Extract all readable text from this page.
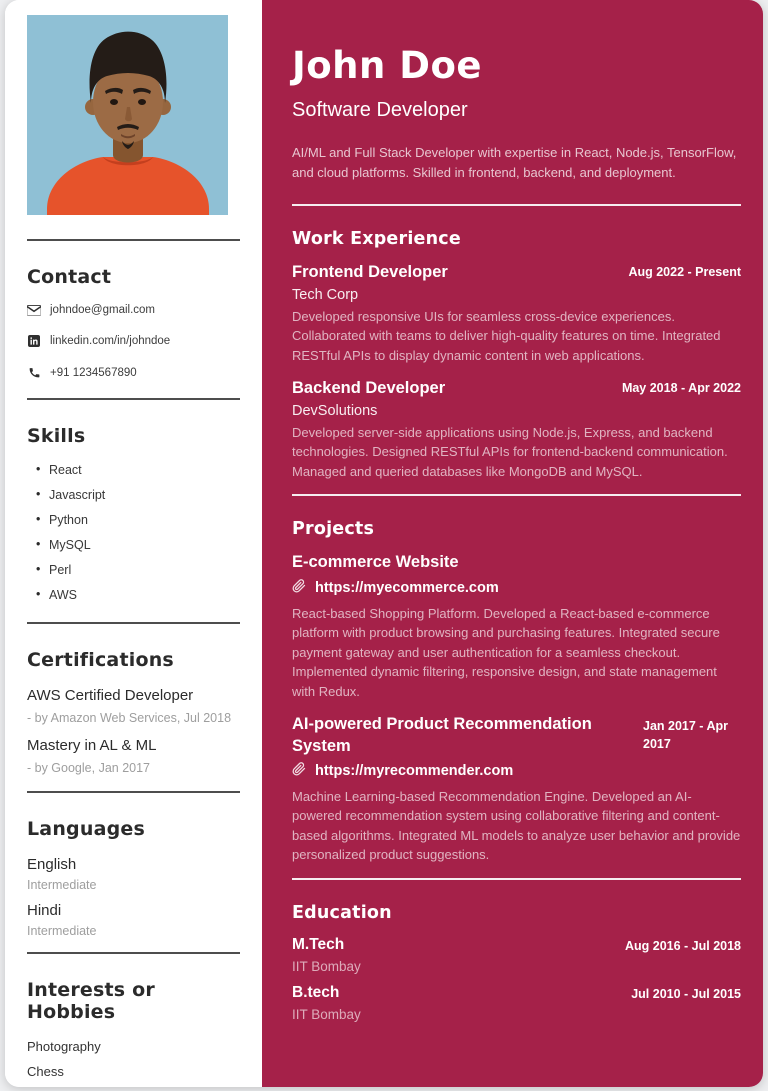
Contact
johndoe@gmail.com
linkedin.com/in/johndoe
+91 1234567890
Skills
• React
• Javascript
• Python
• MySQL
• Perl
• AWS
Certifications
AWS Certified Developer
- by Amazon Web Services, Jul 2018
Mastery in AL & ML
- by Google, Jan 2017
Languages
English
Intermediate
Hindi
Intermediate
Interests or Hobbies
Photography
Chess
John Doe
Software Developer

AI/ML and Full Stack Developer with expertise in React, Node.js, TensorFlow, and cloud platforms. Skilled in frontend, backend, and deployment.

Work Experience
Frontend Developer	Aug 2022 - Present
Tech Corp

Developed responsive UIs for seamless cross-device experiences. Collaborated with teams to deliver high-quality features on time. Integrated RESTful APIs to display dynamic content in web applications.

Backend Developer	May 2018 - Apr 2022
DevSolutions

Developed server-side applications using Node.js, Express, and backend technologies. Designed RESTful APIs for frontend-backend communication. Managed and queried databases like MongoDB and MySQL.

Projects
E-commerce Website
https://myecommerce.com

React-based Shopping Platform. Developed a React-based e-commerce platform with product browsing and purchasing features. Integrated secure payment gateway and user authentication for a seamless checkout. Implemented dynamic filtering, responsive design, and state management with Redux.

AI-powered Product Recommendation System
Jan 2017 - Apr 2017
https://myrecommender.com

Machine Learning-based Recommendation Engine. Developed an AI-powered recommendation system using collaborative filtering and content-based algorithms. Integrated ML models to analyze user behavior and provide personalized product suggestions.

Education
M.Tech	Aug 2016 - Jul 2018
IIT Bombay
B.tech	Jul 2010 - Jul 2015
IIT Bombay
